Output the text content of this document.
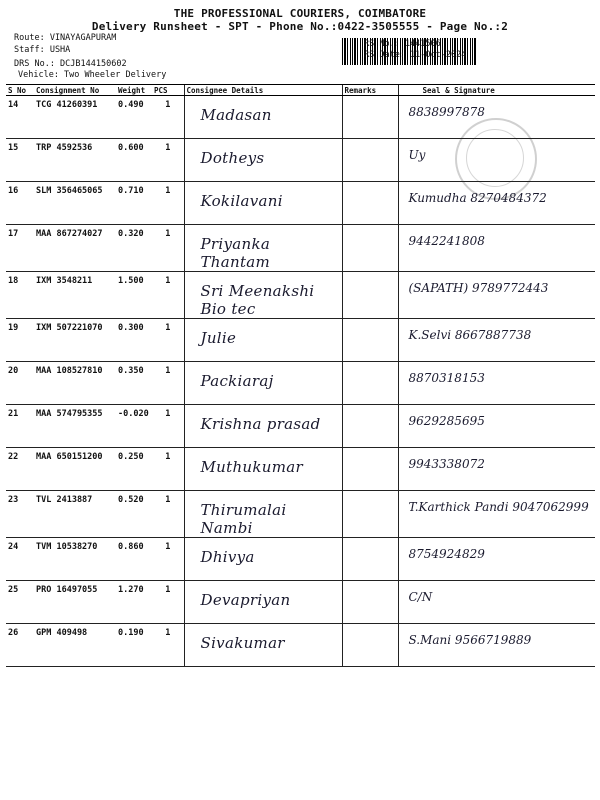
THE PROFESSIONAL COURIERS, COIMBATORE
Delivery Runsheet - SPT - Phone No.:0422-3505555 - Page No.:2
Route: VINAYAGAPURAM
Staff: USHA
DRS No.: DCJB144150602
Vehicle: Two Wheeler Delivery
RS No.: 1441506
RS Date: 11-Oct-2024
S No	Consignment No	Weight	PCS	Consignee Details	Remarks	Seal & Signature
14	TCG 41260391	0.490	1	Madasan		8838997878

15	TRP 4592536	0.600	1	Dotheys		Uy

16	SLM 356465065	0.710	1	Kokilavani		Kumudha 8270484372

17	MAA 867274027	0.320	1	Priyanka Thantam		9442241808

18	IXM 3548211	1.500	1	Sri Meenakshi Bio tec		(SAPATH) 9789772443

19	IXM 507221070	0.300	1	Julie		K.Selvi 8667887738

20	MAA 108527810	0.350	1	Packiaraj		8870318153

21	MAA 574795355	-0.020	1	Krishna prasad		9629285695

22	MAA 650151200	0.250	1	Muthukumar		9943338072

23	TVL 2413887	0.520	1	Thirumalai Nambi		T.Karthick Pandi 9047062999

24	TVM 10538270	0.860	1	Dhivya		8754924829

25	PRO 16497055	1.270	1	Devapriyan		C/N

26	GPM 409498	0.190	1	Sivakumar		S.Mani 9566719889
